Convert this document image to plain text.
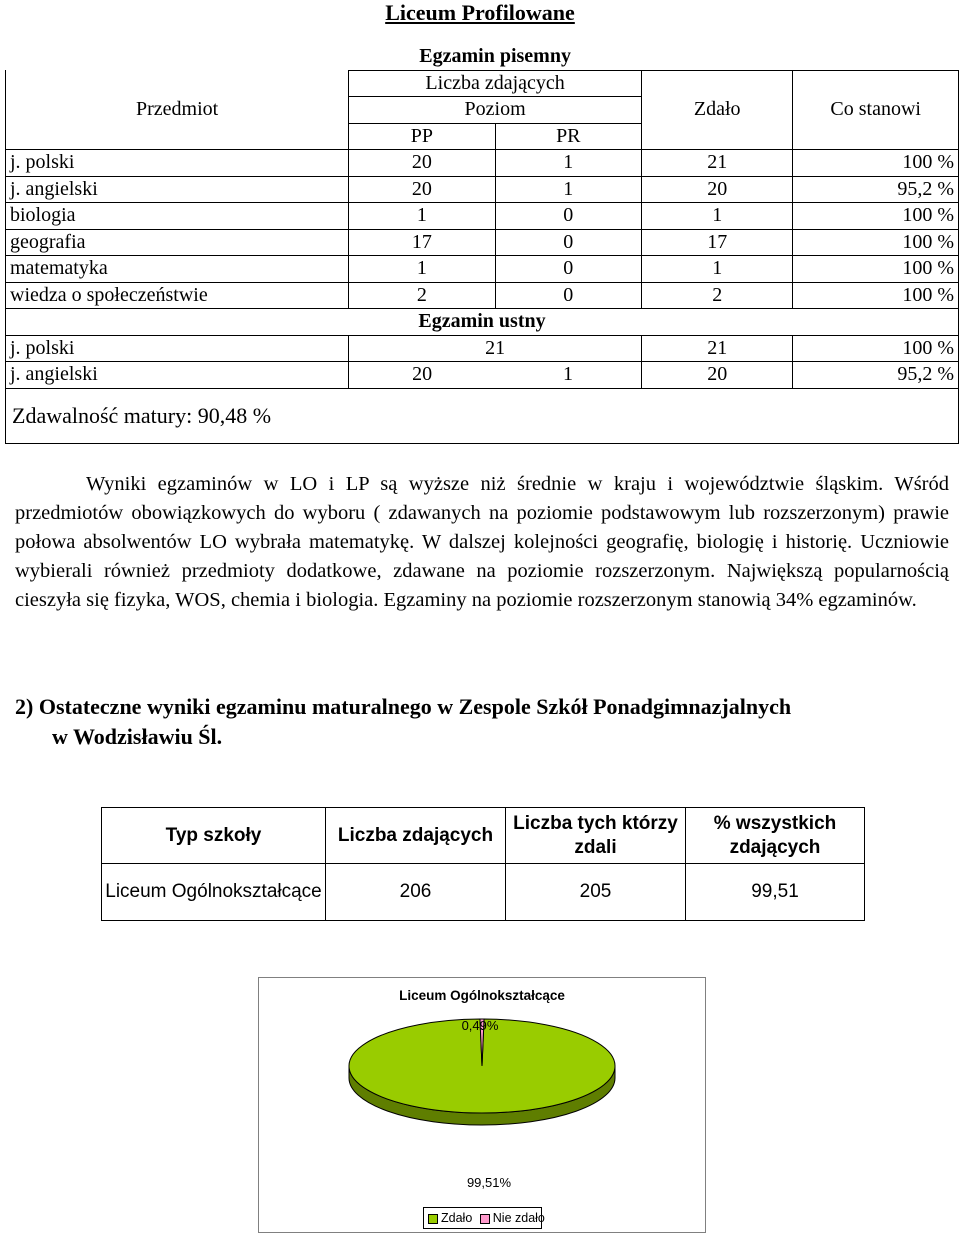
Liceum Profilowane
	Egzamin pisemny			
Przedmiot	Liczba zdających		Zdało	Co stanowi
	Poziom			
	PP	PR		
j. polski	20	1	21	100 %
j. angielski	20	1	20	95,2 %
biologia	1	0	1	100 %
geografia	17	0	17	100 %
matematyka	1	0	1	100 %
wiedza o społeczeństwie	2	0	2	100 %
Egzamin ustny				
j. polski	21		21	100 %
j. angielski	20	1	20	95,2 %
Zdawalność matury: 90,48 %				
Wyniki egzaminów w LO i LP są wyższe niż średnie w kraju i województwie śląskim. Wśród przedmiotów obowiązkowych do wyboru ( zdawanych na poziomie podstawowym lub rozszerzonym) prawie połowa absolwentów LO wybrała matematykę. W dalszej kolejności geografię, biologię i historię. Uczniowie wybierali również przedmioty dodatkowe, zdawane na poziomie rozszerzonym. Największą popularnością cieszyła się fizyka, WOS, chemia i biologia. Egzaminy na poziomie rozszerzonym stanowią 34% egzaminów.
2) Ostateczne wyniki egzaminu maturalnego w Zespole Szkół Ponadgimnazjalnych
w Wodzisławiu Śl.
Typ szkoły	Liczba zdających	Liczba tych którzy zdali	% wszystkich zdających
Liceum Ogólnokształcące	206	205	99,51
0,49%
99,51%
Liceum Ogólnokształcące
Zdało Nie zdało
